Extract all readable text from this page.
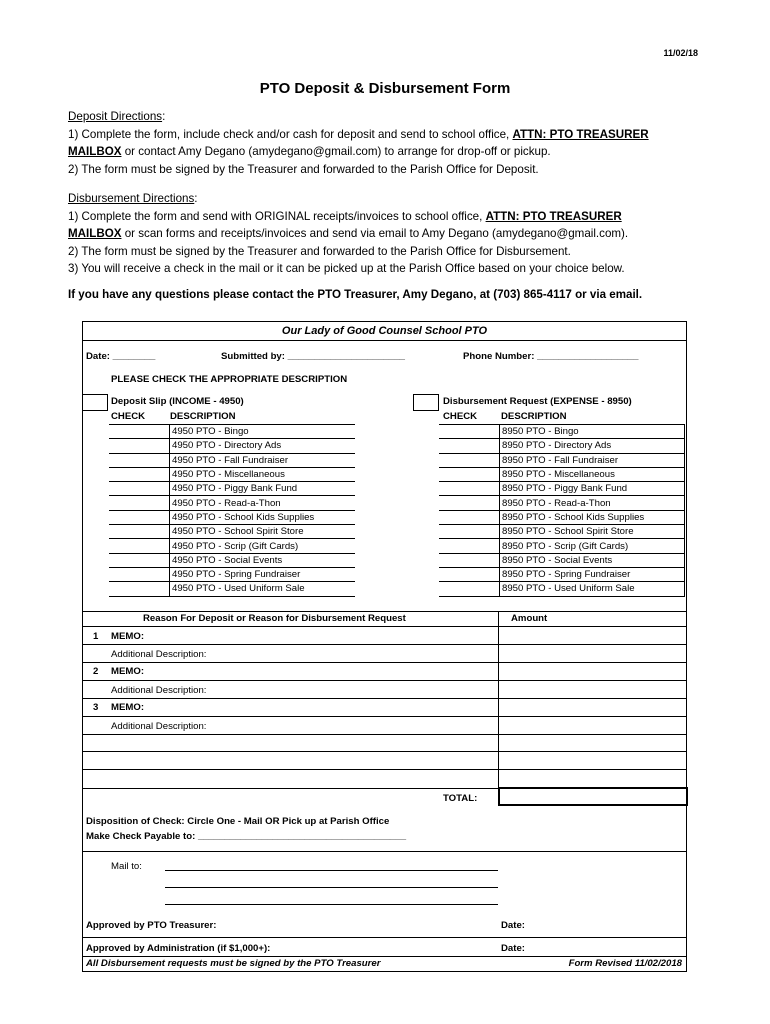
11/02/18
PTO Deposit & Disbursement Form

Deposit Directions:

1) Complete the form, include check and/or cash for deposit and send to school office, ATTN: PTO TREASURER

MAILBOX or contact Amy Degano (amydegano@gmail.com) to arrange for drop-off or pickup.

2) The form must be signed by the Treasurer and forwarded to the Parish Office for Deposit.

Disbursement Directions:

1) Complete the form and send with ORIGINAL receipts/invoices to school office, ATTN: PTO TREASURER

MAILBOX or scan forms and receipts/invoices and send via email to Amy Degano (amydegano@gmail.com).

2) The form must be signed by the Treasurer and forwarded to the Parish Office for Disbursement.

3) You will receive a check in the mail or it can be picked up at the Parish Office based on your choice below.

If you have any questions please contact the PTO Treasurer, Amy Degano, at (703) 865-4117 or via email.
Our Lady of Good Counsel School PTO
Date: ________	Submitted by: ______________________	Phone Number: ___________________
PLEASE CHECK THE APPROPRIATE DESCRIPTION
Deposit Slip (INCOME - 4950)
CHECK	DESCRIPTION
	4950 PTO - Bingo
	4950 PTO - Directory Ads
	4950 PTO - Fall Fundraiser
	4950 PTO - Miscellaneous
	4950 PTO - Piggy Bank Fund
	4950 PTO - Read-a-Thon
	4950 PTO - School Kids Supplies
	4950 PTO - School Spirit Store
	4950 PTO - Scrip (Gift Cards)
	4950 PTO - Social Events
	4950 PTO - Spring Fundraiser
	4950 PTO - Used Uniform Sale
Disbursement Request (EXPENSE - 8950)
CHECK DESCRIPTION
	8950 PTO - Bingo
	8950 PTO - Directory Ads
	8950 PTO - Fall Fundraiser
	8950 PTO - Miscellaneous
	8950 PTO - Piggy Bank Fund
	8950 PTO - Read-a-Thon
	8950 PTO - School Kids Supplies
	8950 PTO - School Spirit Store
	8950 PTO - Scrip (Gift Cards)
	8950 PTO - Social Events
	8950 PTO - Spring Fundraiser
	8950 PTO - Used Uniform Sale
Reason For Deposit or Reason for Disbursement Request	Amount
1 MEMO:
Additional Description:
2 MEMO:
Additional Description:
3 MEMO:
Additional Description:
TOTAL:
Disposition of Check: Circle One - Mail OR Pick up at Parish Office
Make Check Payable to: _______________________________________
Mail to:
Approved by PTO Treasurer:	Date:
Approved by Administration (if $1,000+):	Date:
All Disbursement requests must be signed by the PTO Treasurer	Form Revised 11/02/2018
